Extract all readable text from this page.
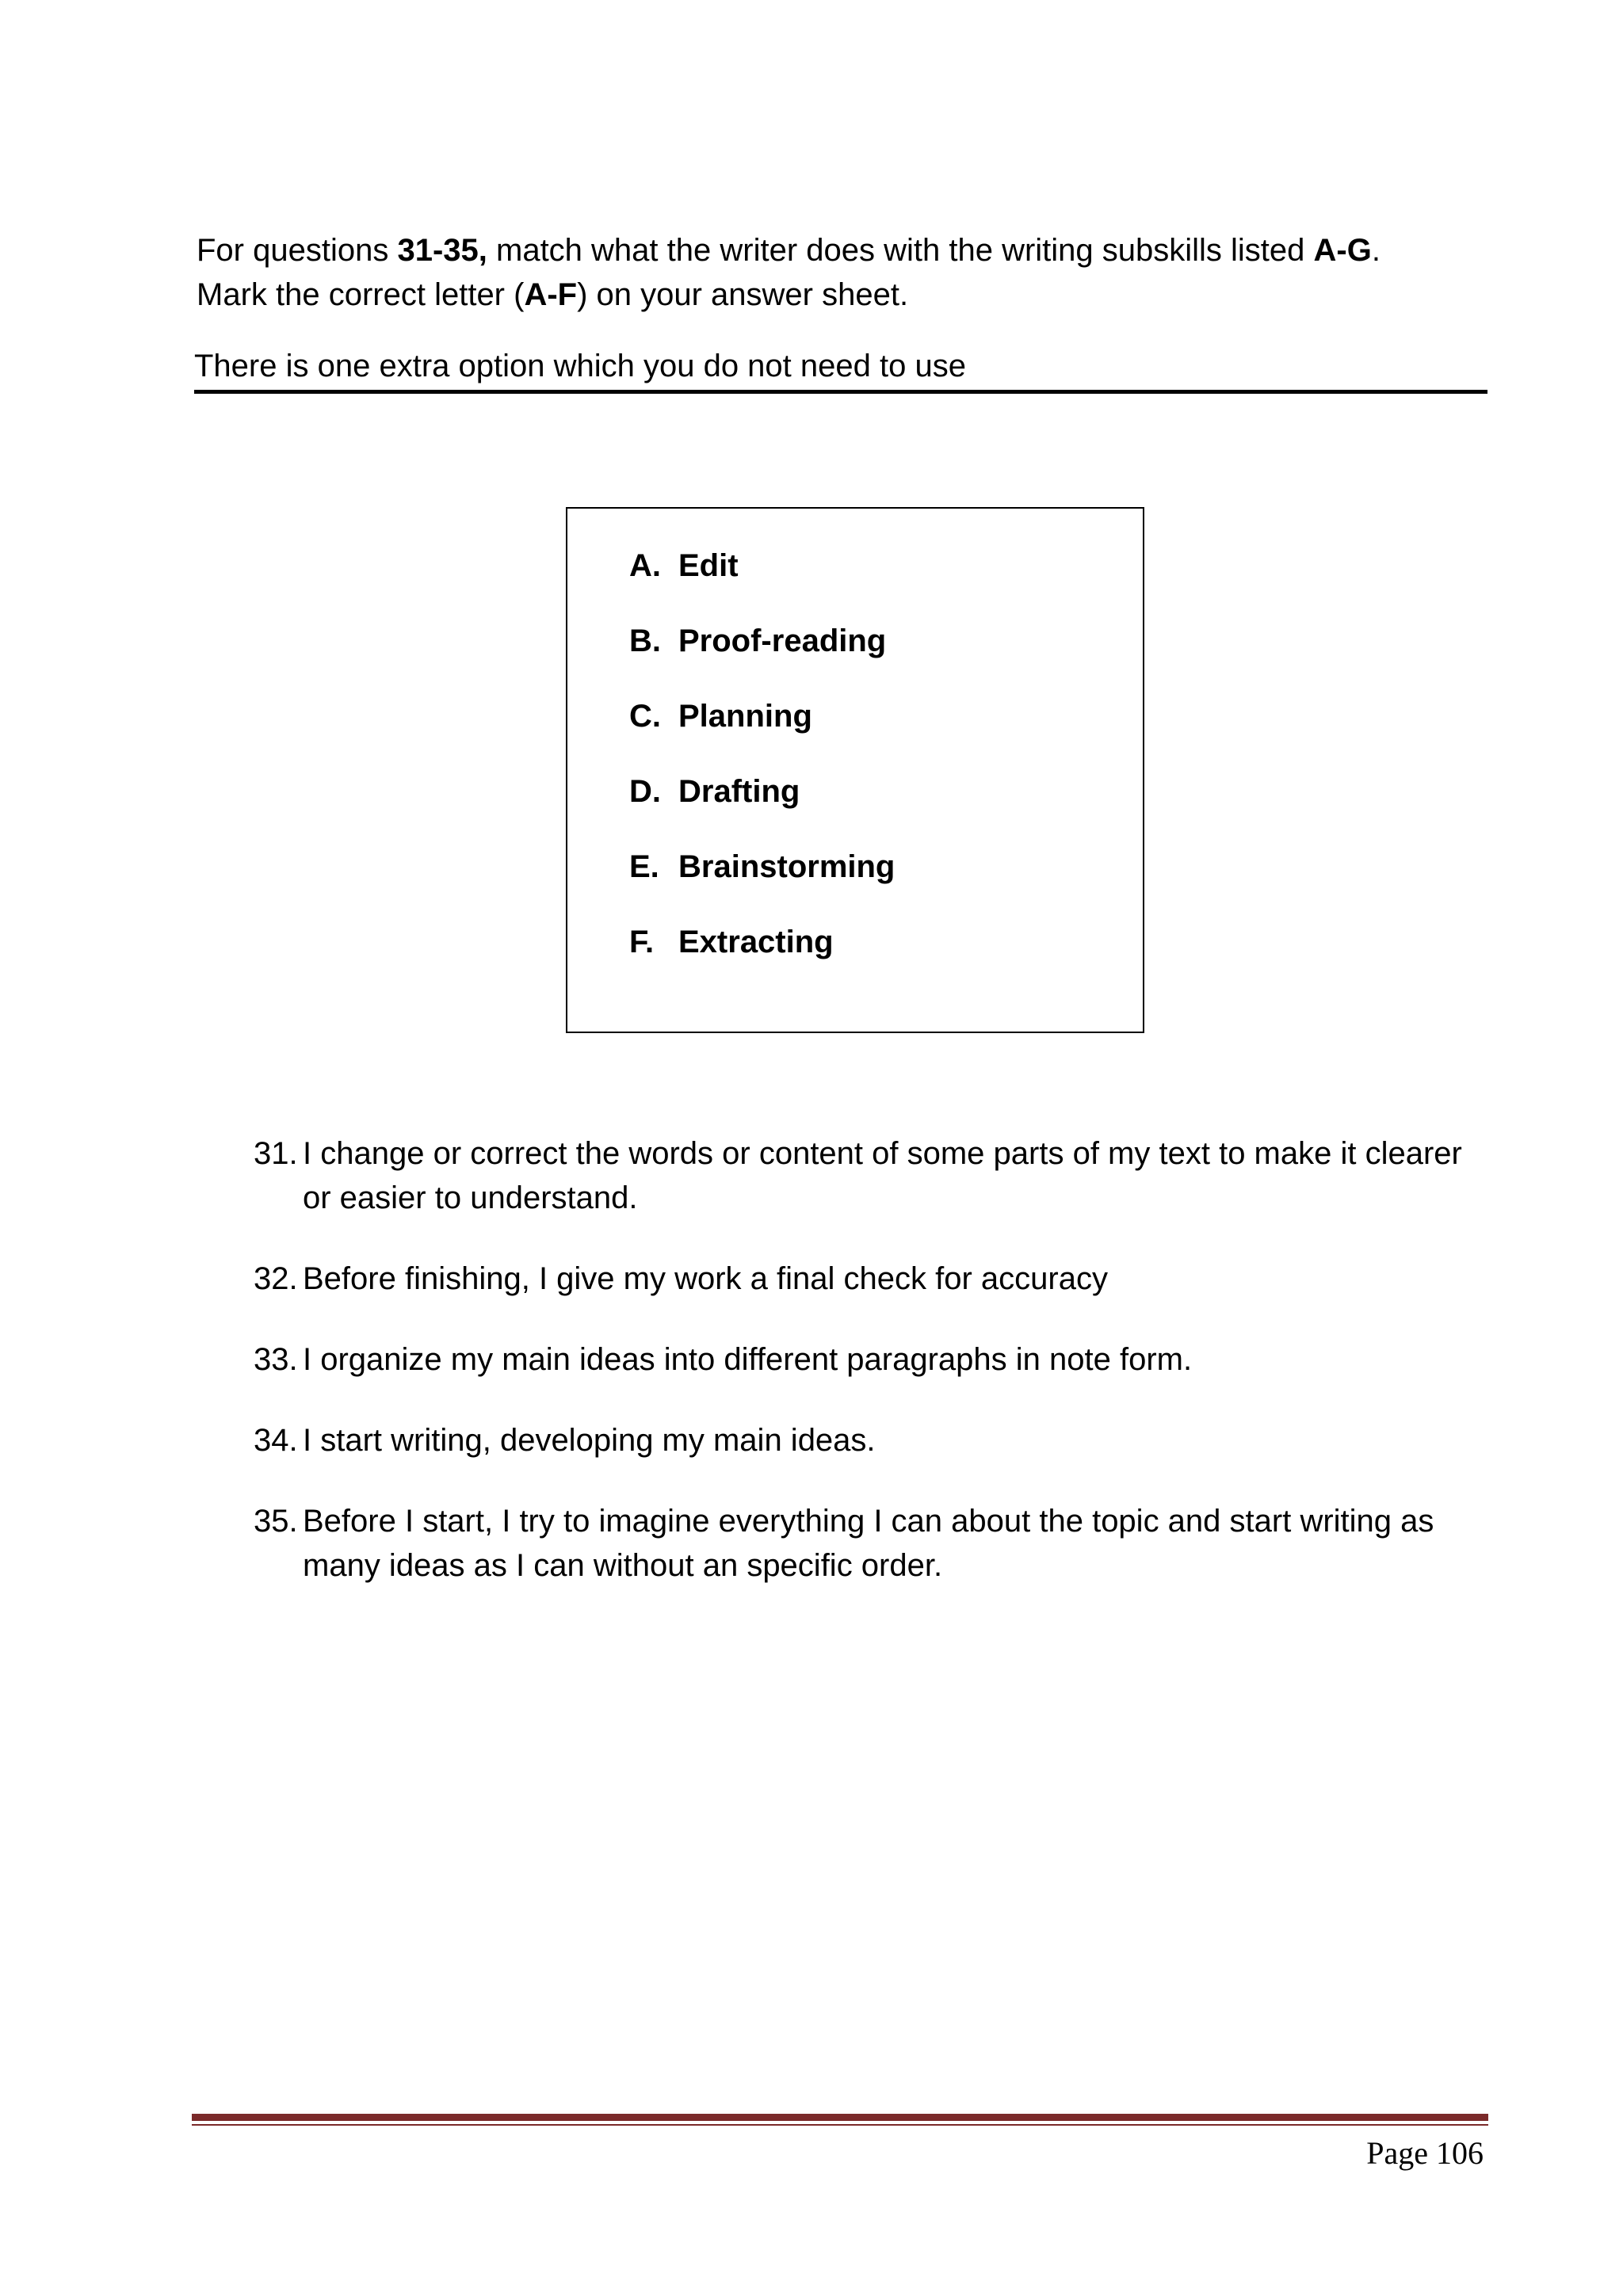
For questions 31-35, match what the writer does with the writing subskills listed A-G.

Mark the correct letter (A-F) on your answer sheet.

There is one extra option which you do not need to use
A. Edit
B. Proof-reading
C. Planning
D. Drafting
E. Brainstorming
F. Extracting
31. I change or correct the words or content of some parts of my text to make it clearer or easier to understand.
32. Before finishing, I give my work a final check for accuracy
33. I organize my main ideas into different paragraphs in note form.
34. I start writing, developing my main ideas.
35. Before I start, I try to imagine everything I can about the topic and start writing as many ideas as I can without an specific order.
Page 106
